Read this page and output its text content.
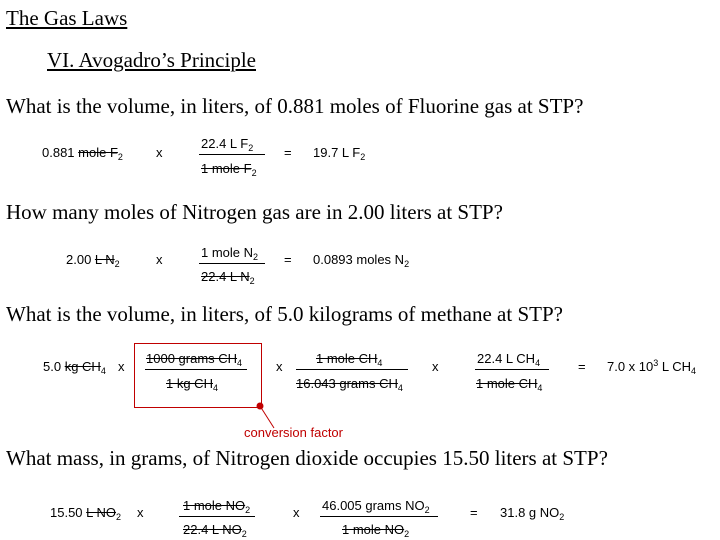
The Gas Laws
VI. Avogadro’s Principle
What is the volume, in liters, of 0.881 moles of Fluorine gas at STP?
0.881 mole $F_2$	x
22.4 L $F_2$
1 mole $F_2$
= 19.7 L $F_2$
How many moles of Nitrogen gas are in 2.00 liters at STP?
2.00 L $N_2$	x	1 mole $N_2$
22.4 L $N_2$
= 0.0893 moles $N_2$
What is the volume, in liters, of 5.0 kilograms of methane at STP?
5.0 kg $CH_4$ x
1000 grams $CH_4$
1 kg $CH_4$
x
1 mole $CH_4$
16.043 grams $CH_4$
x
22.4 L $CH_4$
1 mole $CH_4$
= 7.0 x $10^3$ L $CH_4$
conversion factor
What mass, in grams, of Nitrogen dioxide occupies 15.50 liters at STP?
15.50 L $NO_2$ x	1 mole $NO_2$
22.4 L $NO_2$
x 46.005 grams $NO_2$
1 mole $NO_2$
= 31.8 g $NO_2$
